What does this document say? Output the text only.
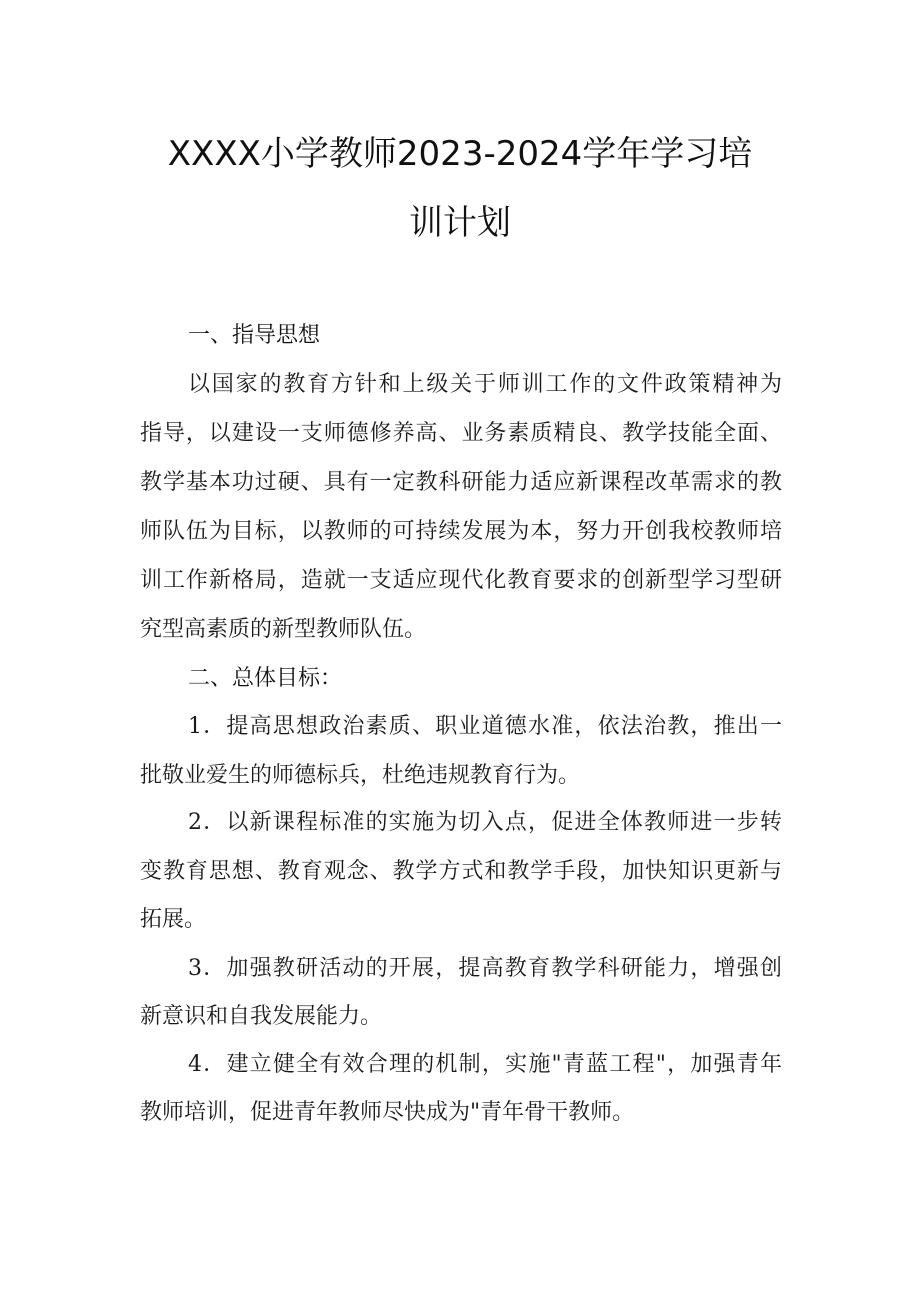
XXXX小学教师2023-2024学年学习培
训计划
一、指导思想
以国家的教育方针和上级关于师训工作的文件政策精神为
指导，以建设一支师德修养高、业务素质精良、教学技能全面、
教学基本功过硬、具有一定教科研能力适应新课程改革需求的教
师队伍为目标，以教师的可持续发展为本，努力开创我校教师培
训工作新格局，造就一支适应现代化教育要求的创新型学习型研
究型高素质的新型教师队伍。
二、总体目标：
1．提高思想政治素质、职业道德水准，依法治教，推出一
批敬业爱生的师德标兵，杜绝违规教育行为。
2．以新课程标准的实施为切入点，促进全体教师进一步转
变教育思想、教育观念、教学方式和教学手段，加快知识更新与
拓展。
3．加强教研活动的开展，提高教育教学科研能力，增强创
新意识和自我发展能力。
4．建立健全有效合理的机制，实施"青蓝工程"，加强青年
教师培训，促进青年教师尽快成为"青年骨干教师。
